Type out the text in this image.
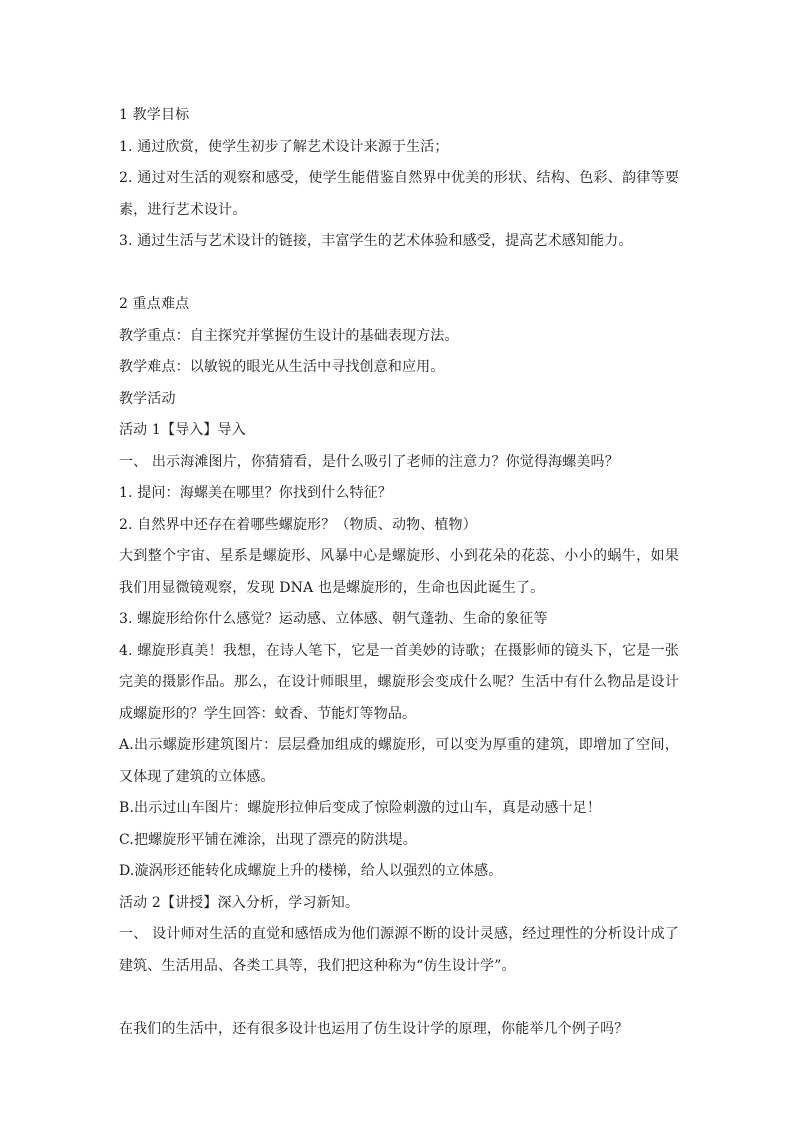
1 教学目标

1. 通过欣赏，使学生初步了解艺术设计来源于生活；

2. 通过对生活的观察和感受，使学生能借鉴自然界中优美的形状、结构、色彩、韵律等要素，进行艺术设计。

3. 通过生活与艺术设计的链接，丰富学生的艺术体验和感受，提高艺术感知能力。

2 重点难点

教学重点：自主探究并掌握仿生设计的基础表现方法。

教学难点：以敏锐的眼光从生活中寻找创意和应用。

教学活动

活动 1【导入】导入

一、 出示海滩图片，你猜猜看，是什么吸引了老师的注意力？你觉得海螺美吗？

1. 提问：海螺美在哪里？你找到什么特征？

2. 自然界中还存在着哪些螺旋形？（物质、动物、植物）

大到整个宇宙、星系是螺旋形、风暴中心是螺旋形、小到花朵的花蕊、小小的蜗牛，如果我们用显微镜观察，发现 DNA 也是螺旋形的，生命也因此诞生了。

3. 螺旋形给你什么感觉？运动感、立体感、朝气蓬勃、生命的象征等

4. 螺旋形真美！我想，在诗人笔下，它是一首美妙的诗歌；在摄影师的镜头下，它是一张完美的摄影作品。那么，在设计师眼里，螺旋形会变成什么呢？生活中有什么物品是设计成螺旋形的？学生回答：蚊香、节能灯等物品。

A.出示螺旋形建筑图片：层层叠加组成的螺旋形，可以变为厚重的建筑，即增加了空间，又体现了建筑的立体感。

B.出示过山车图片：螺旋形拉伸后变成了惊险刺激的过山车，真是动感十足！

C.把螺旋形平铺在滩涂，出现了漂亮的防洪堤。

D.漩涡形还能转化成螺旋上升的楼梯，给人以强烈的立体感。

活动 2【讲授】深入分析，学习新知。

一、 设计师对生活的直觉和感悟成为他们源源不断的设计灵感，经过理性的分析设计成了建筑、生活用品、各类工具等，我们把这种称为“仿生设计学”。

在我们的生活中，还有很多设计也运用了仿生设计学的原理，你能举几个例子吗？
